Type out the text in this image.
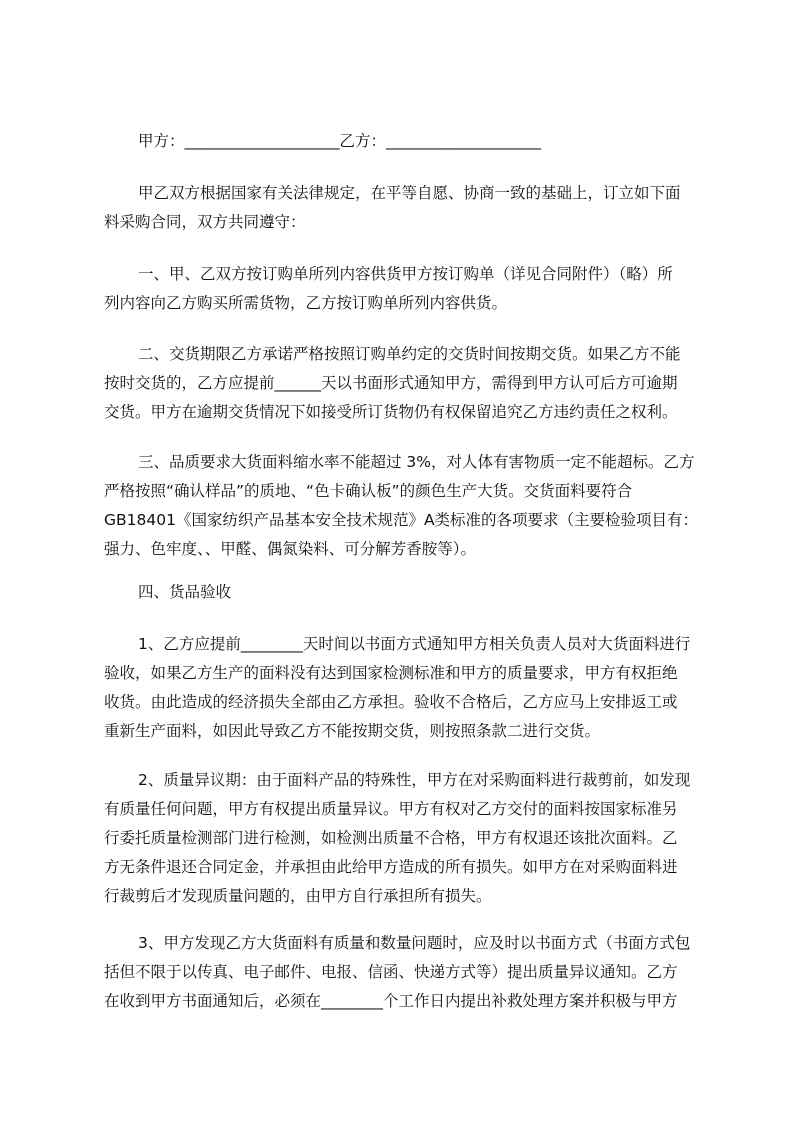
甲方：____________________乙方：____________________

甲乙双方根据国家有关法律规定，在平等自愿、协商一致的基础上，订立如下面
料采购合同，双方共同遵守：

一、甲、乙双方按订购单所列内容供货甲方按订购单（详见合同附件）（略）所
列内容向乙方购买所需货物，乙方按订购单所列内容供货。

二、交货期限乙方承诺严格按照订购单约定的交货时间按期交货。如果乙方不能
按时交货的，乙方应提前______天以书面形式通知甲方，需得到甲方认可后方可逾期
交货。甲方在逾期交货情况下如接受所订货物仍有权保留追究乙方违约责任之权利。

三、品质要求大货面料缩水率不能超过 3%，对人体有害物质一定不能超标。乙方
严格按照“确认样品”的质地、“色卡确认板”的颜色生产大货。交货面料要符合
GB18401《国家纺织产品基本安全技术规范》A类标准的各项要求（主要检验项目有：
强力、色牢度、、甲醛、偶氮染料、可分解芳香胺等）。

四、货品验收

1、乙方应提前________天时间以书面方式通知甲方相关负责人员对大货面料进行
验收，如果乙方生产的面料没有达到国家检测标准和甲方的质量要求，甲方有权拒绝
收货。由此造成的经济损失全部由乙方承担。验收不合格后，乙方应马上安排返工或
重新生产面料，如因此导致乙方不能按期交货，则按照条款二进行交货。

2、质量异议期：由于面料产品的特殊性，甲方在对采购面料进行裁剪前，如发现
有质量任何问题，甲方有权提出质量异议。甲方有权对乙方交付的面料按国家标准另
行委托质量检测部门进行检测，如检测出质量不合格，甲方有权退还该批次面料。乙
方无条件退还合同定金，并承担由此给甲方造成的所有损失。如甲方在对采购面料进
行裁剪后才发现质量问题的，由甲方自行承担所有损失。

3、甲方发现乙方大货面料有质量和数量问题时，应及时以书面方式（书面方式包
括但不限于以传真、电子邮件、电报、信函、快递方式等）提出质量异议通知。乙方
在收到甲方书面通知后，必须在________个工作日内提出补救处理方案并积极与甲方
